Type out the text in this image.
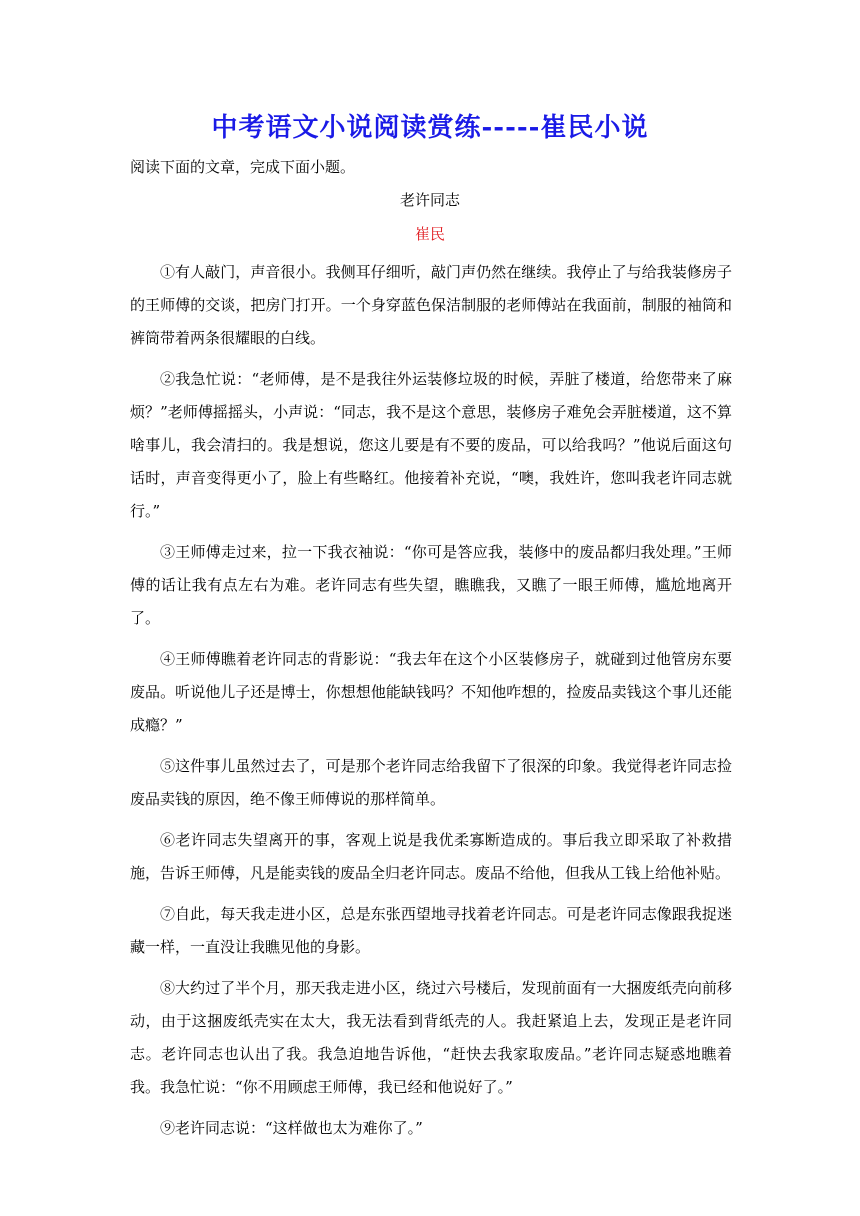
中考语文小说阅读赏练-----崔民小说
阅读下面的文章，完成下面小题。
老许同志
崔民

①有人敲门，声音很小。我侧耳仔细听，敲门声仍然在继续。我停止了与给我装修房子的王师傅的交谈，把房门打开。一个身穿蓝色保洁制服的老师傅站在我面前，制服的袖筒和裤筒带着两条很耀眼的白线。

②我急忙说：“老师傅，是不是我往外运装修垃圾的时候，弄脏了楼道，给您带来了麻烦？”老师傅摇摇头，小声说：“同志，我不是这个意思，装修房子难免会弄脏楼道，这不算啥事儿，我会清扫的。我是想说，您这儿要是有不要的废品，可以给我吗？”他说后面这句话时，声音变得更小了，脸上有些略红。他接着补充说，“噢，我姓许，您叫我老许同志就行。”

③王师傅走过来，拉一下我衣袖说：“你可是答应我，装修中的废品都归我处理。”王师傅的话让我有点左右为难。老许同志有些失望，瞧瞧我，又瞧了一眼王师傅，尴尬地离开了。

④王师傅瞧着老许同志的背影说：“我去年在这个小区装修房子，就碰到过他管房东要废品。听说他儿子还是博士，你想想他能缺钱吗？不知他咋想的，捡废品卖钱这个事儿还能成瘾？”

⑤这件事儿虽然过去了，可是那个老许同志给我留下了很深的印象。我觉得老许同志捡废品卖钱的原因，绝不像王师傅说的那样简单。

⑥老许同志失望离开的事，客观上说是我优柔寡断造成的。事后我立即采取了补救措施，告诉王师傅，凡是能卖钱的废品全归老许同志。废品不给他，但我从工钱上给他补贴。

⑦自此，每天我走进小区，总是东张西望地寻找着老许同志。可是老许同志像跟我捉迷藏一样，一直没让我瞧见他的身影。

⑧大约过了半个月，那天我走进小区，绕过六号楼后，发现前面有一大捆废纸壳向前移动，由于这捆废纸壳实在太大，我无法看到背纸壳的人。我赶紧追上去，发现正是老许同志。老许同志也认出了我。我急迫地告诉他，“赶快去我家取废品。”老许同志疑惑地瞧着我。我急忙说：“你不用顾虑王师傅，我已经和他说好了。”

⑨老许同志说：“这样做也太为难你了。”
